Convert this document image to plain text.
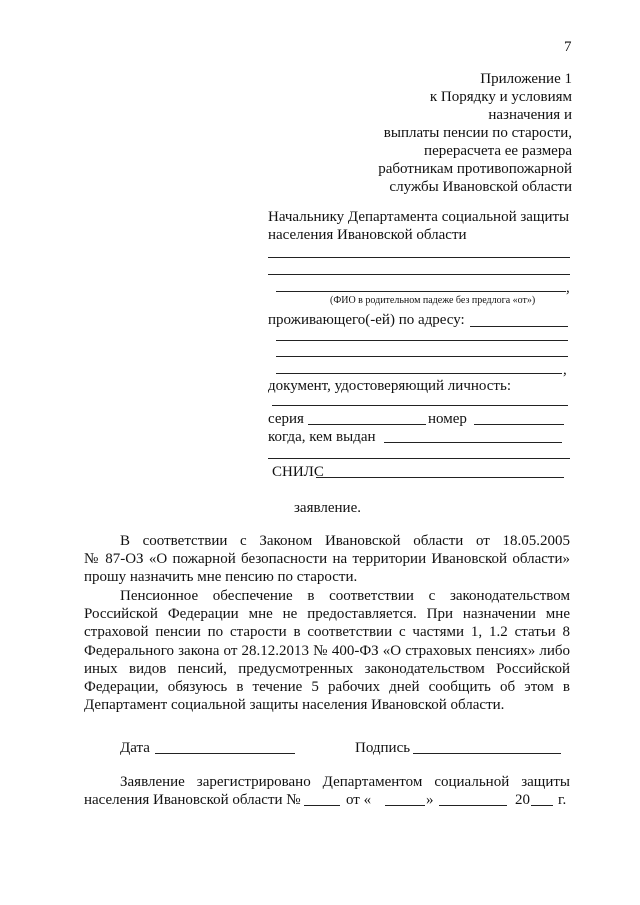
7
Приложение 1
к Порядку и условиям
назначения и
выплаты пенсии по старости,
перерасчета ее размера
работникам противопожарной
службы Ивановской области
Начальнику Департамента социальной защиты
населения Ивановской области
,
(ФИО в родительном падеже без предлога «от»)
проживающего(-ей) по адресу:
,
документ, удостоверяющий личность:
серия	номер
когда, кем выдан
СНИЛС
заявление.
В соответствии с Законом Ивановской области от 18.05.2005
№ 87-ОЗ «О пожарной безопасности на территории Ивановской области»
прошу назначить мне пенсию по старости.
Пенсионное обеспечение в соответствии с законодательством
Российской Федерации мне не предоставляется. При назначении мне
страховой пенсии по старости в соответствии с частями 1, 1.2 статьи 8
Федерального закона от 28.12.2013 № 400-ФЗ «О страховых пенсиях» либо
иных видов пенсий, предусмотренных законодательством Российской
Федерации, обязуюсь в течение 5 рабочих дней сообщить об этом в
Департамент социальной защиты населения Ивановской области.
Дата	Подпись
Заявление зарегистрировано Департаментом социальной защиты
населения Ивановской области №	от «	»	20 г.
